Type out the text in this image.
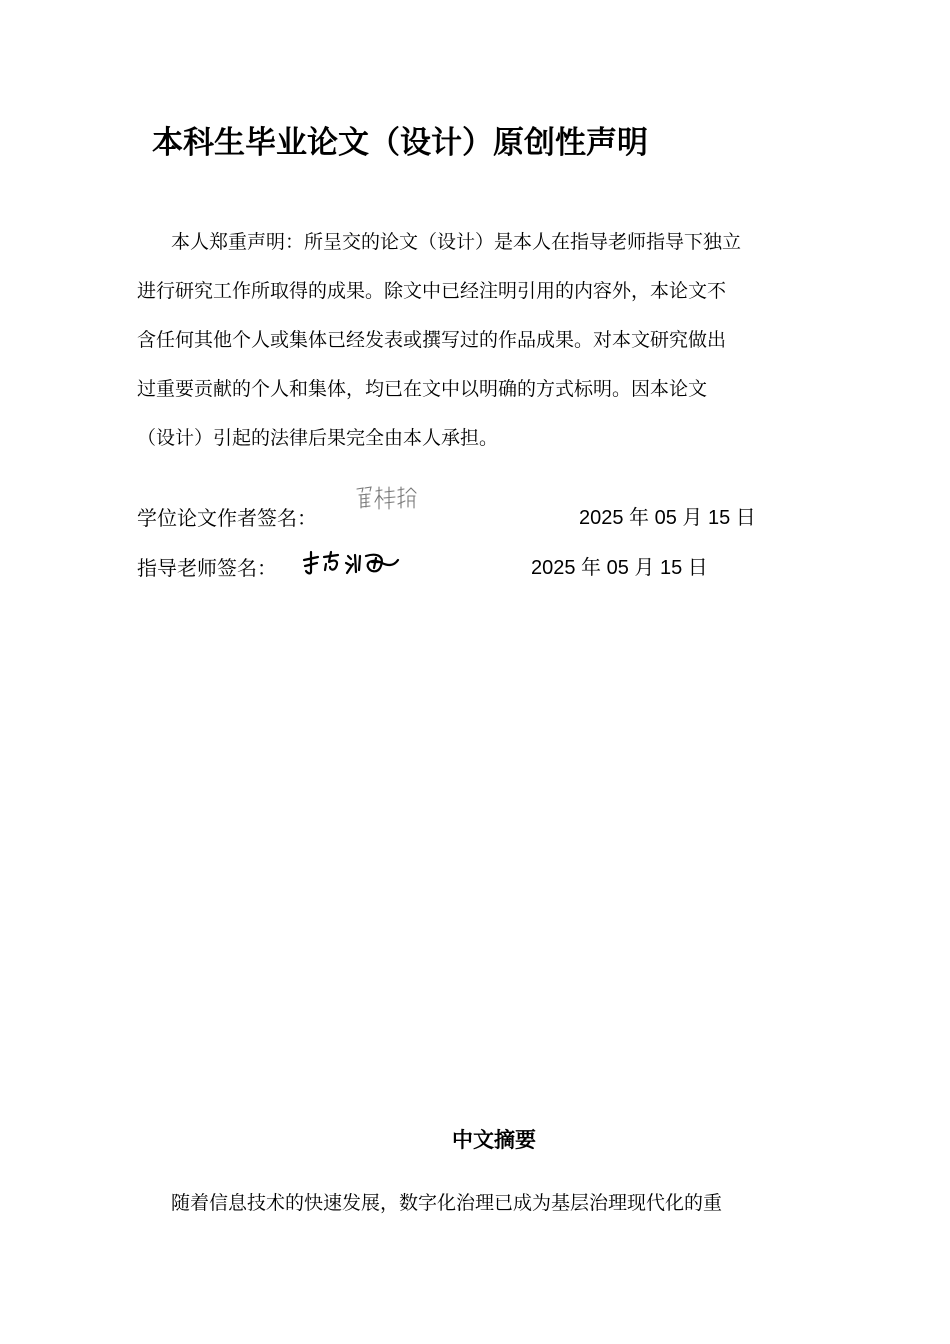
本科生毕业论文（设计）原创性声明
本人郑重声明：所呈交的论文（设计）是本人在指导老师指导下独立
进行研究工作所取得的成果。除文中已经注明引用的内容外，本论文不
含任何其他个人或集体已经发表或撰写过的作品成果。对本文研究做出
过重要贡献的个人和集体，均已在文中以明确的方式标明。因本论文
（设计）引起的法律后果完全由本人承担。
学位论文作者签名：	2025 年 05 月 15 日
指导老师签名：	2025 年 05 月 15 日
中文摘要
随着信息技术的快速发展，数字化治理已成为基层治理现代化的重
